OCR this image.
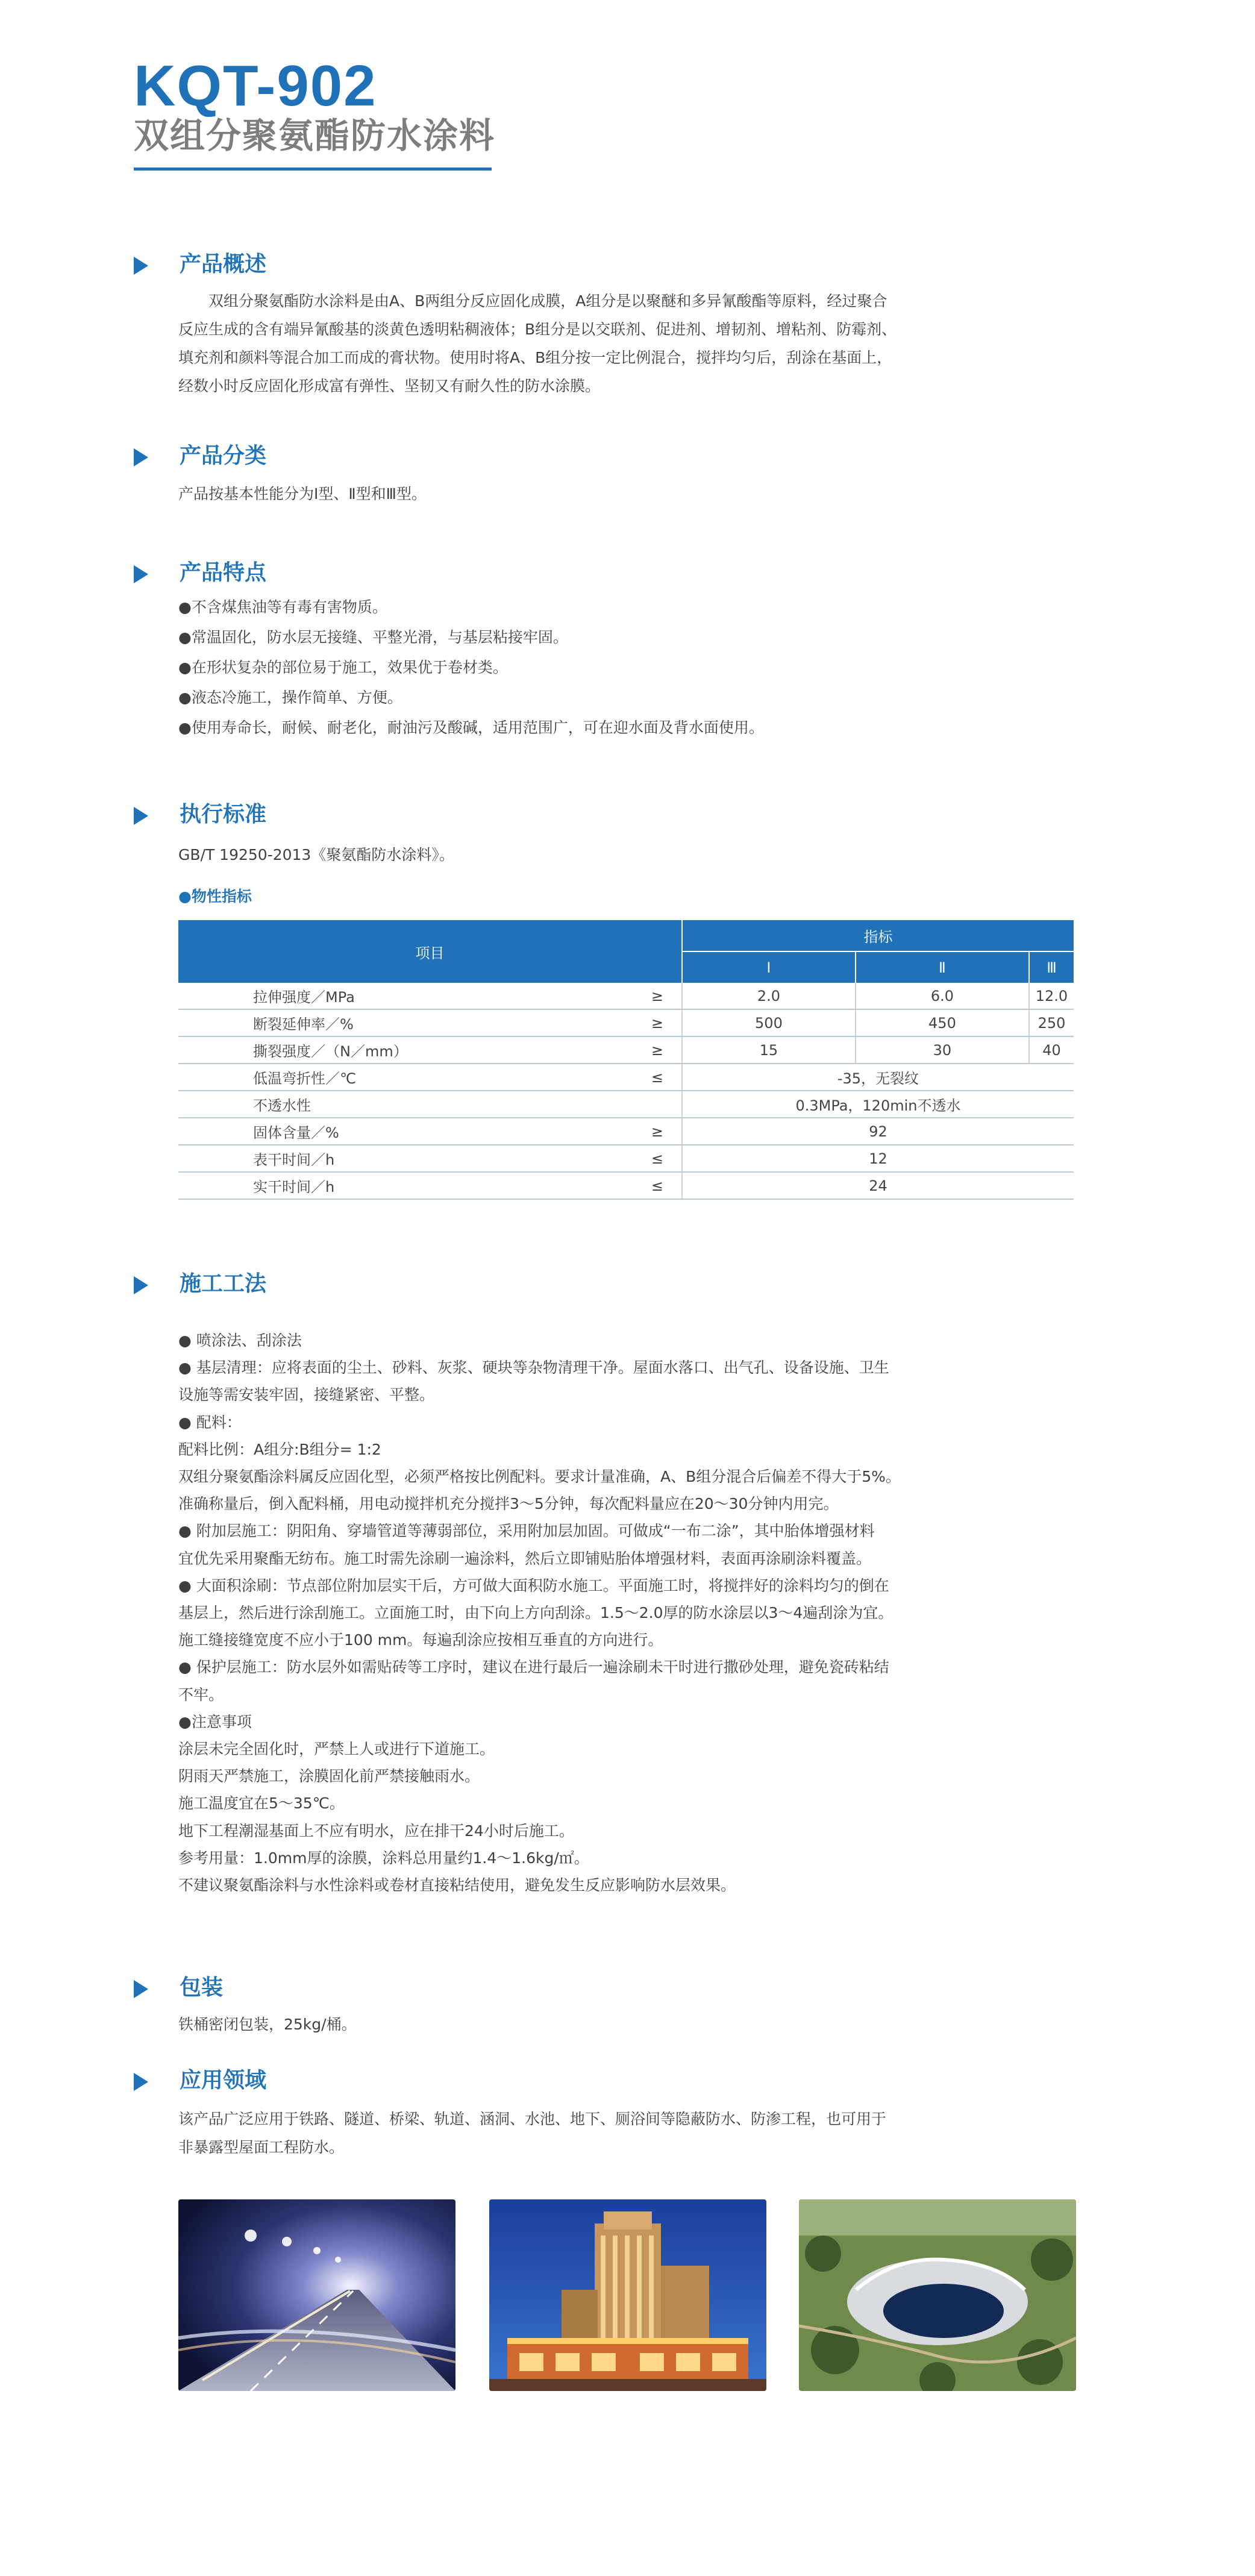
KQT-902
双组分聚氨酯防水涂料
产品概述

双组分聚氨酯防水涂料是由A、B两组分反应固化成膜，A组分是以聚醚和多异氰酸酯等原料，经过聚合

反应生成的含有端异氰酸基的淡黄色透明粘稠液体；B组分是以交联剂、促进剂、增韧剂、增粘剂、防霉剂、

填充剂和颜料等混合加工而成的膏状物。使用时将A、B组分按一定比例混合，搅拌均匀后，刮涂在基面上，

经数小时反应固化形成富有弹性、坚韧又有耐久性的防水涂膜。

产品分类

产品按基本性能分为Ⅰ型、Ⅱ型和Ⅲ型。

产品特点

●不含煤焦油等有毒有害物质。

●常温固化，防水层无接缝、平整光滑，与基层粘接牢固。

●在形状复杂的部位易于施工，效果优于卷材类。

●液态冷施工，操作简单、方便。

●使用寿命长，耐候、耐老化，耐油污及酸碱，适用范围广，可在迎水面及背水面使用。

执行标准

GB/T 19250-2013《聚氨酯防水涂料》。

●物性指标
项目		指标		
		Ⅰ	Ⅱ	Ⅲ
拉伸强度／MPa	≥	2.0	6.0	12.0
断裂延伸率／%	≥	500	450	250
撕裂强度／（N／mm）	≥	15	30	40
低温弯折性／℃	≤	-35，无裂纹		
不透水性		0.3MPa，120min不透水		
固体含量／%	≥	92		
表干时间／h	≤	12		
实干时间／h	≤	24		
施工工法

● 喷涂法、刮涂法

● 基层清理：应将表面的尘土、砂料、灰浆、硬块等杂物清理干净。屋面水落口、出气孔、设备设施、卫生

设施等需安装牢固，接缝紧密、平整。

● 配料：

配料比例：A组分:B组分= 1:2

双组分聚氨酯涂料属反应固化型，必须严格按比例配料。要求计量准确，A、B组分混合后偏差不得大于5%。

准确称量后，倒入配料桶，用电动搅拌机充分搅拌3～5分钟，每次配料量应在20～30分钟内用完。

● 附加层施工：阴阳角、穿墙管道等薄弱部位，采用附加层加固。可做成“一布二涂”，其中胎体增强材料

宜优先采用聚酯无纺布。施工时需先涂刷一遍涂料，然后立即铺贴胎体增强材料，表面再涂刷涂料覆盖。

● 大面积涂刷：节点部位附加层实干后，方可做大面积防水施工。平面施工时，将搅拌好的涂料均匀的倒在

基层上，然后进行涂刮施工。立面施工时，由下向上方向刮涂。1.5～2.0厚的防水涂层以3～4遍刮涂为宜。

施工缝接缝宽度不应小于100 mm。每遍刮涂应按相互垂直的方向进行。

● 保护层施工：防水层外如需贴砖等工序时，建议在进行最后一遍涂刷未干时进行撒砂处理，避免瓷砖粘结

不牢。

●注意事项

涂层未完全固化时，严禁上人或进行下道施工。

阴雨天严禁施工，涂膜固化前严禁接触雨水。

施工温度宜在5～35℃。

地下工程潮湿基面上不应有明水，应在排干24小时后施工。

参考用量：1.0mm厚的涂膜，涂料总用量约1.4～1.6kg/㎡。

不建议聚氨酯涂料与水性涂料或卷材直接粘结使用，避免发生反应影响防水层效果。

包装

铁桶密闭包装，25kg/桶。

应用领域

该产品广泛应用于铁路、隧道、桥梁、轨道、涵洞、水池、地下、厕浴间等隐蔽防水、防渗工程，也可用于

非暴露型屋面工程防水。
